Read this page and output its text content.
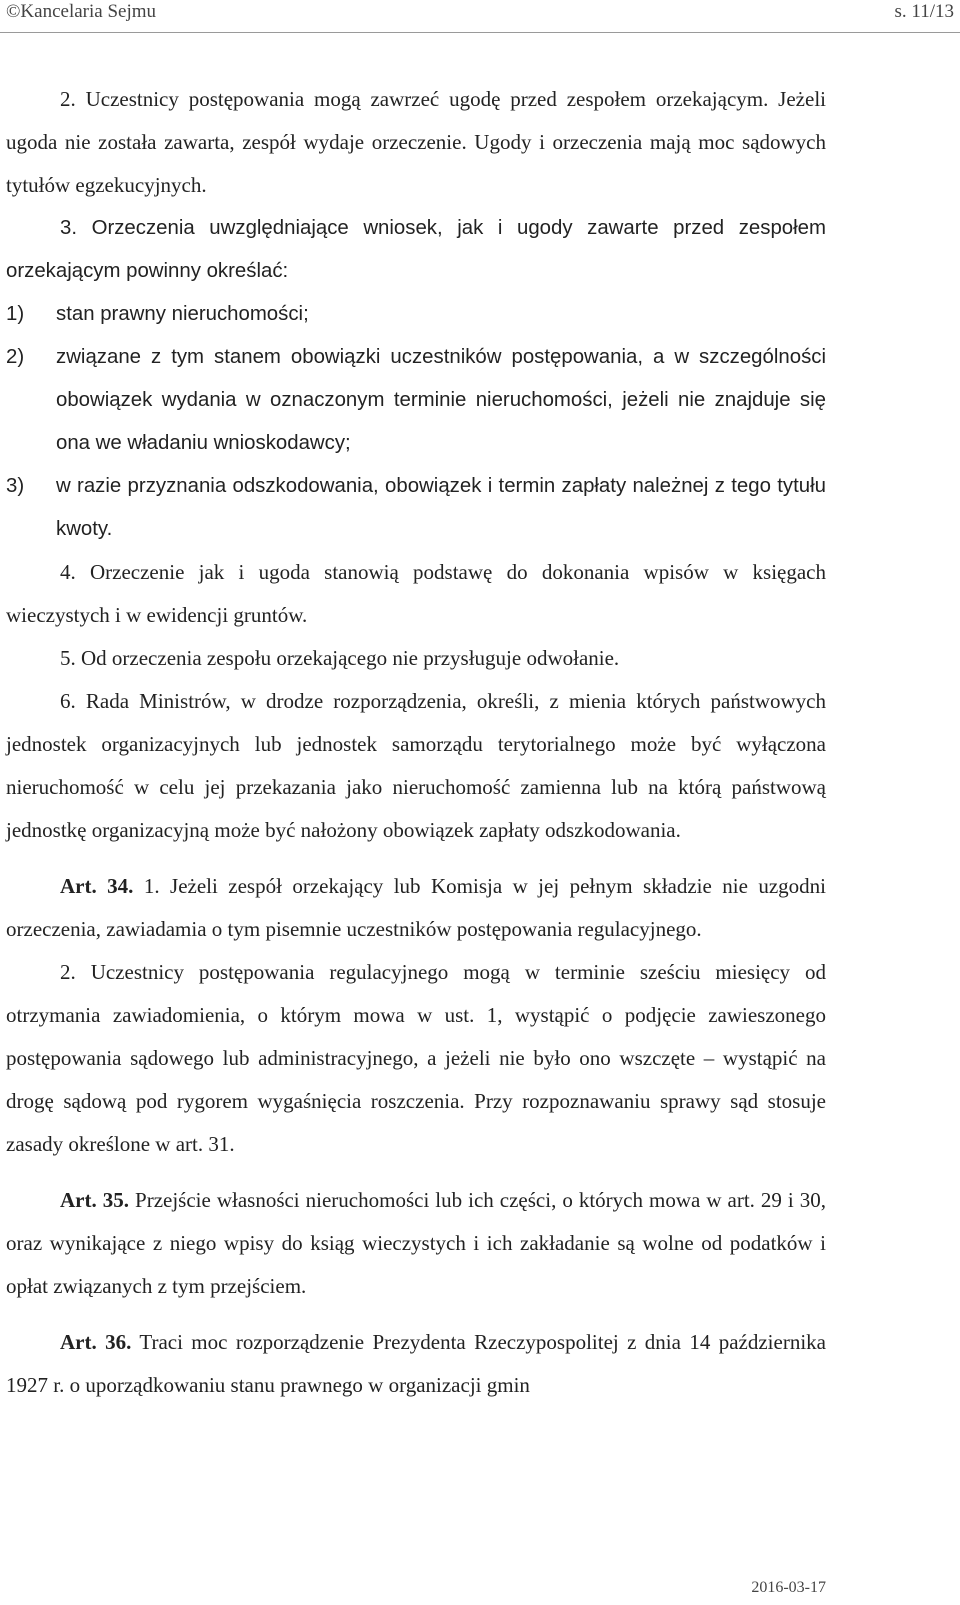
©Kancelaria Sejmu	s. 11/13

2. Uczestnicy postępowania mogą zawrzeć ugodę przed zespołem orzekającym. Jeżeli ugoda nie została zawarta, zespół wydaje orzeczenie. Ugody i orzeczenia mają moc sądowych tytułów egzekucyjnych.

3. Orzeczenia uwzględniające wniosek, jak i ugody zawarte przed zespołem orzekającym powinny określać:

1)	stan prawny nieruchomości;
2)	związane z tym stanem obowiązki uczestników postępowania, a w szczególności obowiązek wydania w oznaczonym terminie nieruchomości, jeżeli nie znajduje się ona we władaniu wnioskodawcy;
3)	w razie przyznania odszkodowania, obowiązek i termin zapłaty należnej z tego tytułu kwoty.

4. Orzeczenie jak i ugoda stanowią podstawę do dokonania wpisów w księgach wieczystych i w ewidencji gruntów.

5. Od orzeczenia zespołu orzekającego nie przysługuje odwołanie.

6. Rada Ministrów, w drodze rozporządzenia, określi, z mienia których państwowych jednostek organizacyjnych lub jednostek samorządu terytorialnego może być wyłączona nieruchomość w celu jej przekazania jako nieruchomość zamienna lub na którą państwową jednostkę organizacyjną może być nałożony obowiązek zapłaty odszkodowania.

Art. 34. 1. Jeżeli zespół orzekający lub Komisja w jej pełnym składzie nie uzgodni orzeczenia, zawiadamia o tym pisemnie uczestników postępowania regulacyjnego.

2. Uczestnicy postępowania regulacyjnego mogą w terminie sześciu miesięcy od otrzymania zawiadomienia, o którym mowa w ust. 1, wystąpić o podjęcie zawieszonego postępowania sądowego lub administracyjnego, a jeżeli nie było ono wszczęte – wystąpić na drogę sądową pod rygorem wygaśnięcia roszczenia. Przy rozpoznawaniu sprawy sąd stosuje zasady określone w art. 31.

Art. 35. Przejście własności nieruchomości lub ich części, o których mowa w art. 29 i 30, oraz wynikające z niego wpisy do ksiąg wieczystych i ich zakładanie są wolne od podatków i opłat związanych z tym przejściem.

Art. 36. Traci moc rozporządzenie Prezydenta Rzeczypospolitej z dnia 14 października 1927 r. o uporządkowaniu stanu prawnego w organizacji gmin

2016-03-17
